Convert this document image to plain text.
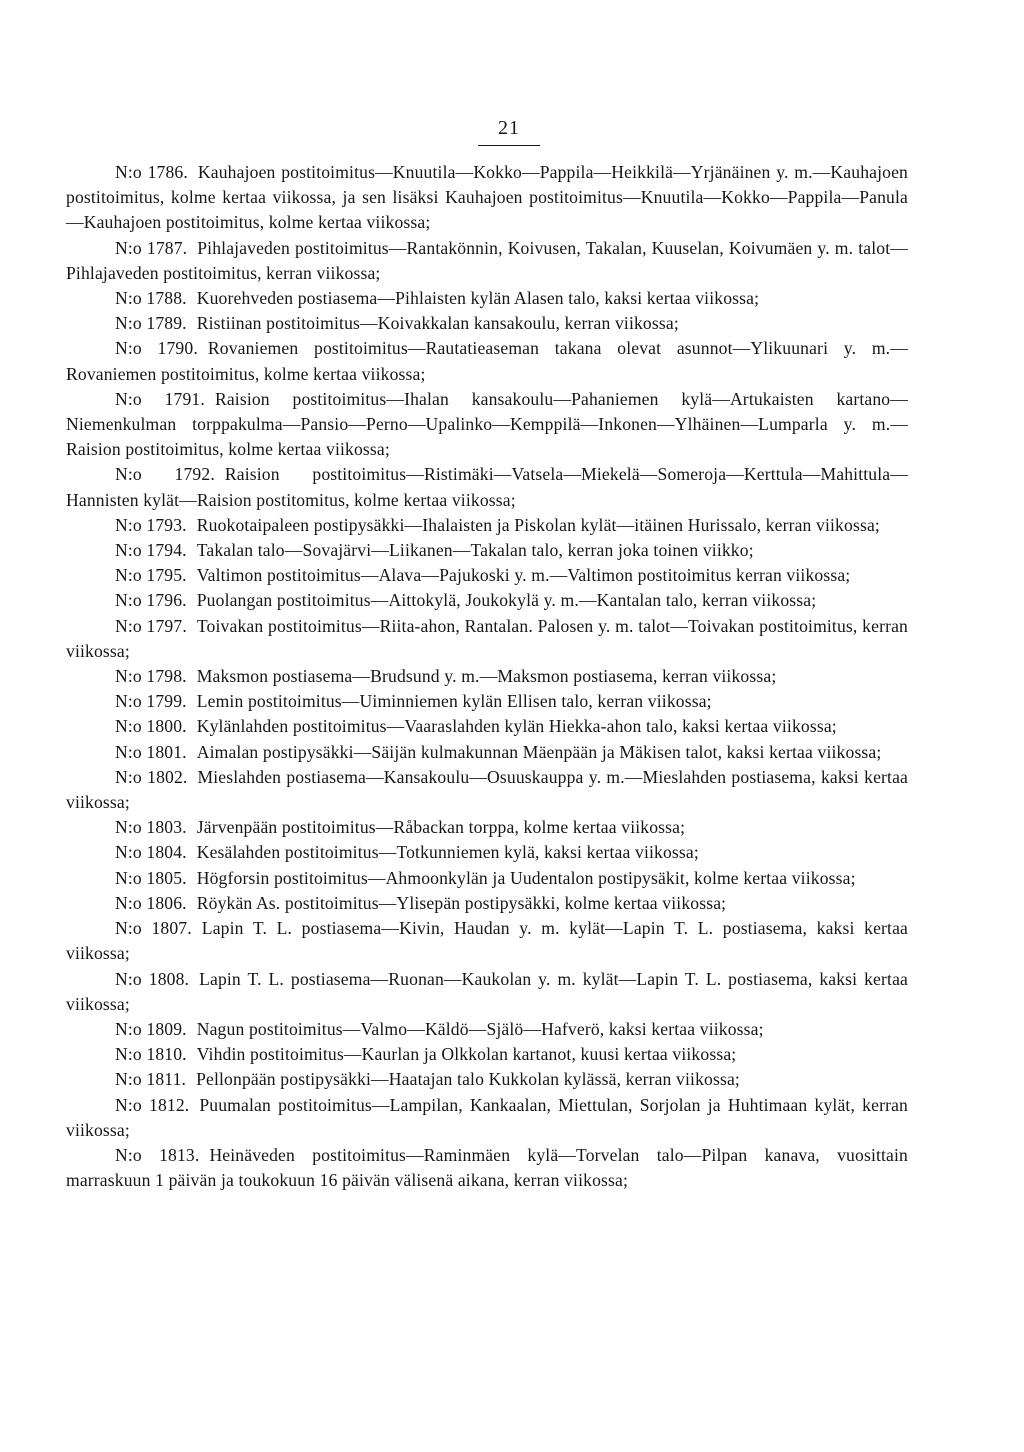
21

N:o 1786. Kauhajoen postitoimitus—Knuutila—Kokko—Pappila—Heikkilä—Yrjänäinen y. m.—Kauhajoen postitoimitus, kolme kertaa viikossa, ja sen lisäksi Kauhajoen postitoimitus—Knuutila—Kokko—Pappila—Panula—Kauhajoen postitoimitus, kolme kertaa viikossa;

N:o 1787. Pihlajaveden postitoimitus—Rantakönnin, Koivusen, Takalan, Kuuselan, Koivumäen y. m. talot—Pihlajaveden postitoimitus, kerran viikossa;

N:o 1788. Kuorehveden postiasema—Pihlaisten kylän Alasen talo, kaksi kertaa viikossa;

N:o 1789. Ristiinan postitoimitus—Koivakkalan kansakoulu, kerran viikossa;

N:o 1790. Rovaniemen postitoimitus—Rautatieaseman takana olevat asunnot—Ylikuunari y. m.—Rovaniemen postitoimitus, kolme kertaa viikossa;

N:o 1791. Raision postitoimitus—Ihalan kansakoulu—Pahaniemen kylä—Artukaisten kartano—Niemenkulman torppakulma—Pansio—Perno—Upalinko—Kemppilä—Inkonen—Ylhäinen—Lumparla y. m.—Raision postitoimitus, kolme kertaa viikossa;

N:o 1792. Raision postitoimitus—Ristimäki—Vatsela—Miekelä—Someroja—Kerttula—Mahittula— Hannisten kylät—Raision postitomitus, kolme kertaa viikossa;

N:o 1793. Ruokotaipaleen postipysäkki—Ihalaisten ja Piskolan kylät—itäinen Hurissalo, kerran viikossa;

N:o 1794. Takalan talo—Sovajärvi—Liikanen—Takalan talo, kerran joka toinen viikko;

N:o 1795. Valtimon postitoimitus—Alava—Pajukoski y. m.—Valtimon postitoimitus kerran viikossa;

N:o 1796. Puolangan postitoimitus—Aittokylä, Joukokylä y. m.—Kantalan talo, kerran viikossa;

N:o 1797. Toivakan postitoimitus—Riita-ahon, Rantalan. Palosen y. m. talot—Toivakan postitoimitus, kerran viikossa;

N:o 1798. Maksmon postiasema—Brudsund y. m.—Maksmon postiasema, kerran viikossa;

N:o 1799. Lemin postitoimitus—Uiminniemen kylän Ellisen talo, kerran viikossa;

N:o 1800. Kylänlahden postitoimitus—Vaaraslahden kylän Hiekka-ahon talo, kaksi kertaa viikossa;

N:o 1801. Aimalan postipysäkki—Säijän kulmakunnan Mäenpään ja Mäkisen talot, kaksi kertaa viikossa;

N:o 1802. Mieslahden postiasema—Kansakoulu—Osuuskauppa y. m.—Mieslahden postiasema, kaksi kertaa viikossa;

N:o 1803. Järvenpään postitoimitus—Råbackan torppa, kolme kertaa viikossa;

N:o 1804. Kesälahden postitoimitus—Totkunniemen kylä, kaksi kertaa viikossa;

N:o 1805. Högforsin postitoimitus—Ahmoonkylän ja Uudentalon postipysäkit, kolme kertaa viikossa;

N:o 1806. Röykän As. postitoimitus—Ylisepän postipysäkki, kolme kertaa viikossa;

N:o 1807. Lapin T. L. postiasema—Kivin, Haudan y. m. kylät—Lapin T. L. postiasema, kaksi kertaa viikossa;

N:o 1808. Lapin T. L. postiasema—Ruonan—Kaukolan y. m. kylät—Lapin T. L. postiasema, kaksi kertaa viikossa;

N:o 1809. Nagun postitoimitus—Valmo—Käldö—Själö—Hafverö, kaksi kertaa viikossa;

N:o 1810. Vihdin postitoimitus—Kaurlan ja Olkkolan kartanot, kuusi kertaa viikossa;

N:o 1811. Pellonpään postipysäkki—Haatajan talo Kukkolan kylässä, kerran viikossa;

N:o 1812. Puumalan postitoimitus—Lampilan, Kankaalan, Miettulan, Sorjolan ja Huhtimaan kylät, kerran viikossa;

N:o 1813. Heinäveden postitoimitus—Raminmäen kylä—Torvelan talo—Pilpan kanava, vuosittain marraskuun 1 päivän ja toukokuun 16 päivän välisenä aikana, kerran viikossa;
